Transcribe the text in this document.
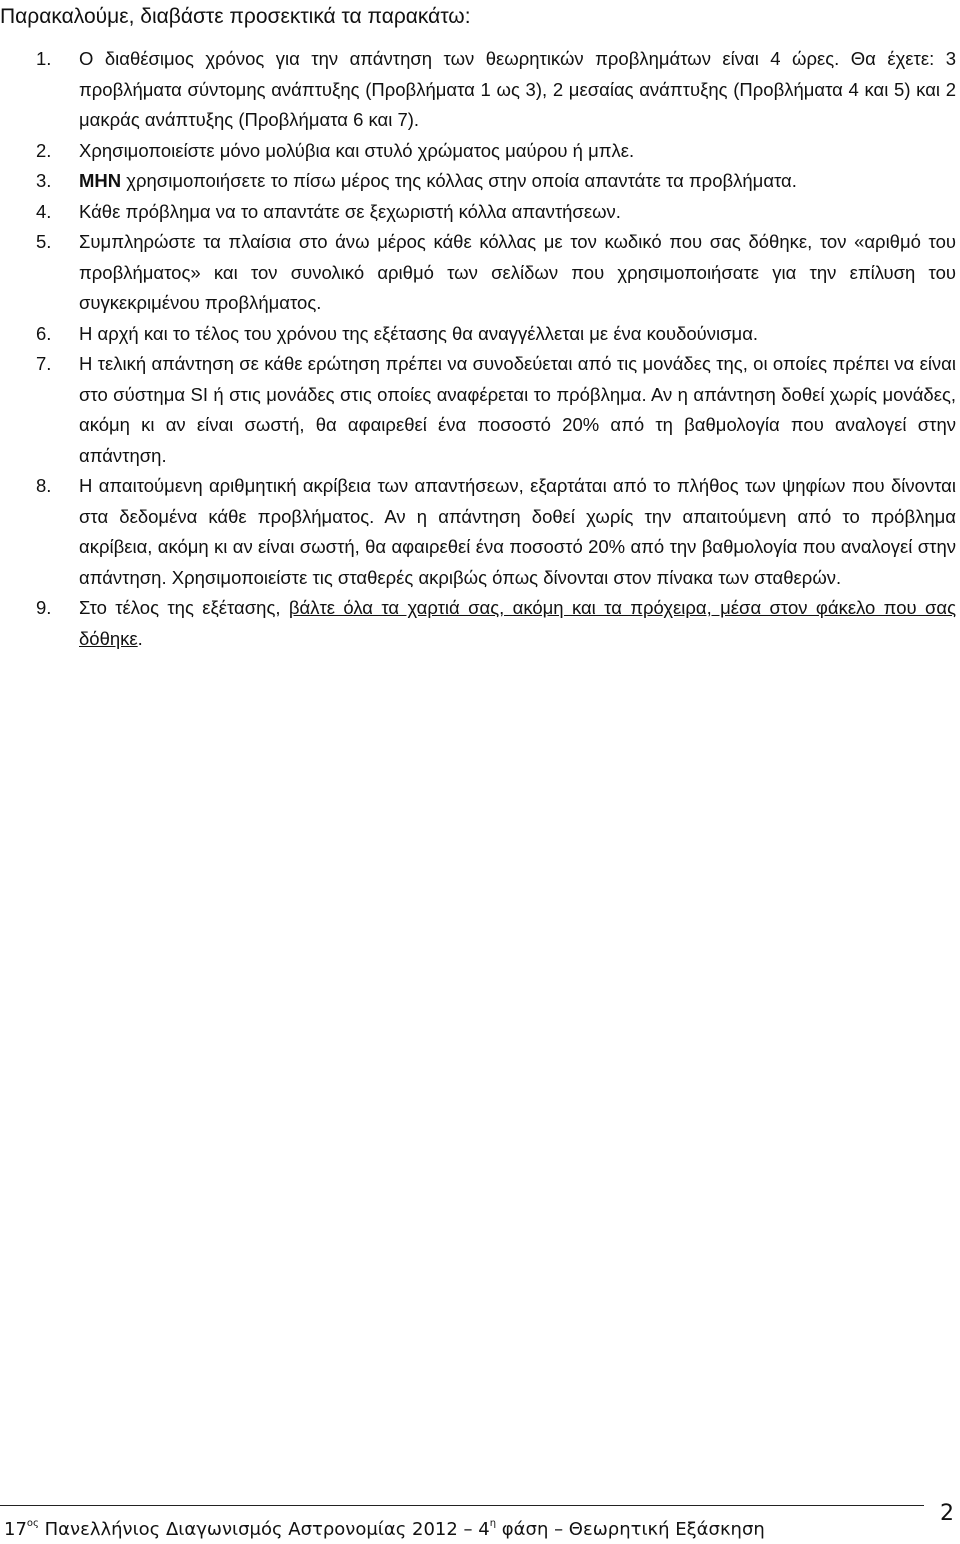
Παρακαλούμε, διαβάστε προσεκτικά τα παρακάτω:
1.	Ο διαθέσιμος χρόνος για την απάντηση των θεωρητικών προβλημάτων είναι 4 ώρες. Θα έχετε: 3 προβλήματα σύντομης ανάπτυξης (Προβλήματα 1 ως 3), 2 μεσαίας ανάπτυξης (Προβλήματα 4 και 5) και 2 μακράς ανάπτυξης (Προβλήματα 6 και 7).
2.	Χρησιμοποιείστε μόνο μολύβια και στυλό χρώματος μαύρου ή μπλε.
3.	ΜΗΝ χρησιμοποιήσετε το πίσω μέρος της κόλλας στην οποία απαντάτε τα προβλήματα.
4.	Κάθε πρόβλημα να το απαντάτε σε ξεχωριστή κόλλα απαντήσεων.
5.	Συμπληρώστε τα πλαίσια στο άνω μέρος κάθε κόλλας με τον κωδικό που σας δόθηκε, τον «αριθμό του προβλήματος» και τον συνολικό αριθμό των σελίδων που χρησιμοποιήσατε για την επίλυση του συγκεκριμένου προβλήματος.
6.	Η αρχή και το τέλος του χρόνου της εξέτασης θα αναγγέλλεται με ένα κουδούνισμα.
7.	Η τελική απάντηση σε κάθε ερώτηση πρέπει να συνοδεύεται από τις μονάδες της, οι οποίες πρέπει να είναι στο σύστημα SI ή στις μονάδες στις οποίες αναφέρεται το πρόβλημα. Αν η απάντηση δοθεί χωρίς μονάδες, ακόμη κι αν είναι σωστή, θα αφαιρεθεί ένα ποσοστό 20% από τη βαθμολογία που αναλογεί στην απάντηση.
8.	Η απαιτούμενη αριθμητική ακρίβεια των απαντήσεων, εξαρτάται από το πλήθος των ψηφίων που δίνονται στα δεδομένα κάθε προβλήματος. Αν η απάντηση δοθεί χωρίς την απαιτούμενη από το πρόβλημα ακρίβεια, ακόμη κι αν είναι σωστή, θα αφαιρεθεί ένα ποσοστό 20% από την βαθμολογία που αναλογεί στην απάντηση. Χρησιμοποιείστε τις σταθερές ακριβώς όπως δίνονται στον πίνακα των σταθερών.
9.	Στο τέλος της εξέτασης, βάλτε όλα τα χαρτιά σας, ακόμη και τα πρόχειρα, μέσα στον φάκελο που σας δόθηκε.
$17^{o\varsigma}$ Πανελλήνιος Διαγωνισμός Αστρονομίας $2012 - 4^\eta$ φάση – Θεωρητική Εξάσκηση
2
